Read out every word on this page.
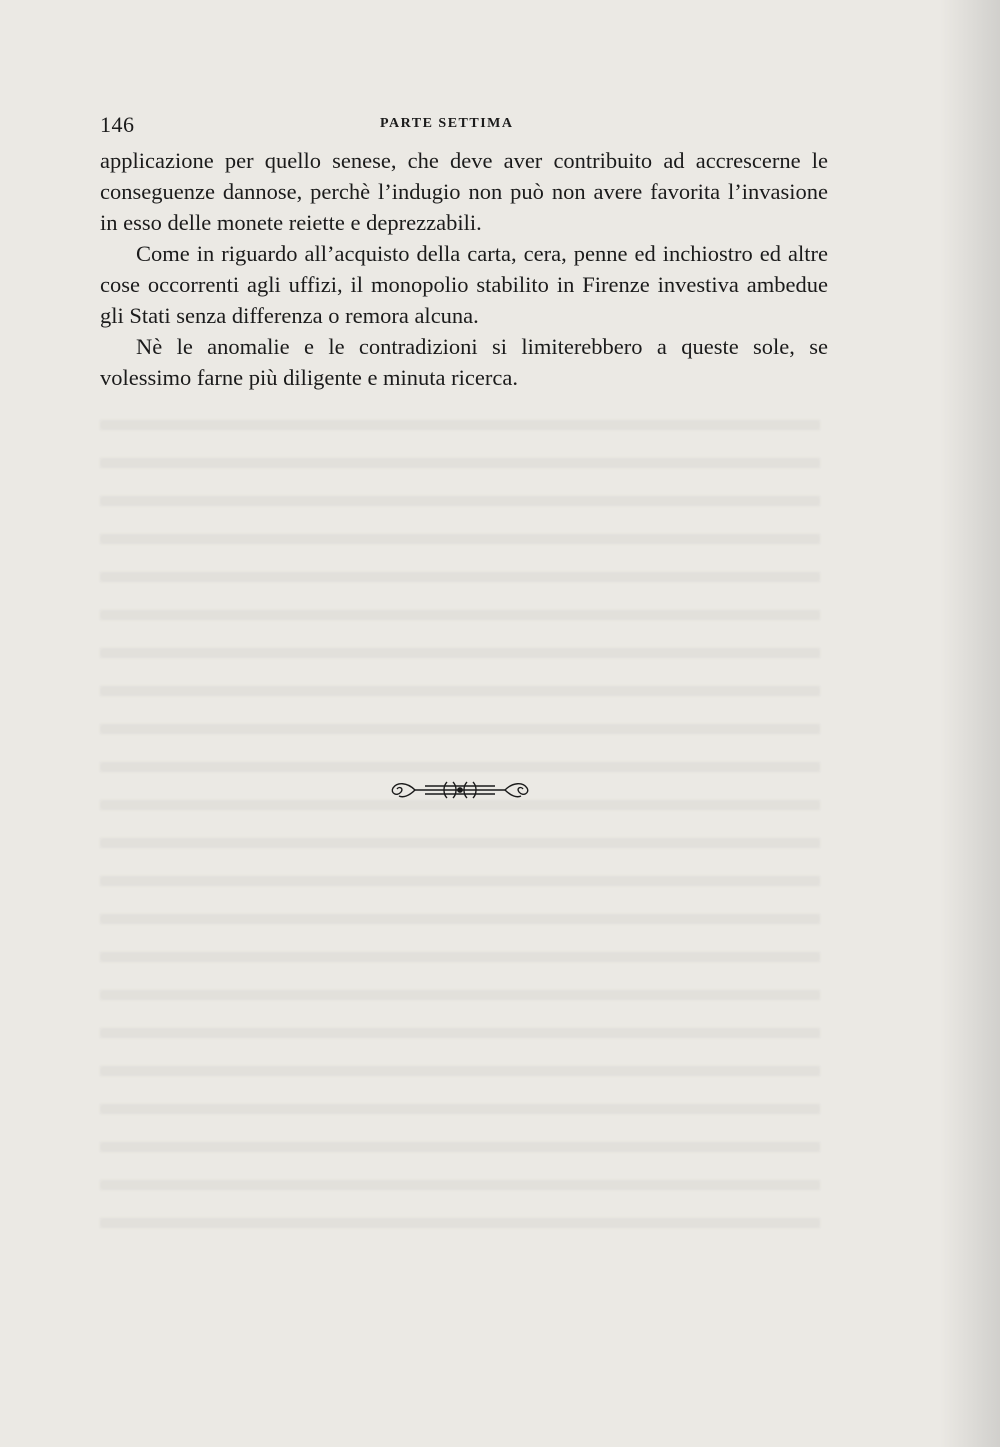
146	PARTE SETTIMA

applicazione per quello senese, che deve aver contribuito ad accrescerne le conseguenze dannose, perchè l’indugio non può non avere favorita l’invasione in esso delle monete reiette e deprezzabili.

Come in riguardo all’acquisto della carta, cera, penne ed inchiostro ed altre cose occorrenti agli uffizi, il monopolio stabilito in Firenze investiva ambedue gli Stati senza differenza o remora alcuna.

Nè le anomalie e le contradizioni si limiterebbero a queste sole, se volessimo farne più diligente e minuta ricerca.
